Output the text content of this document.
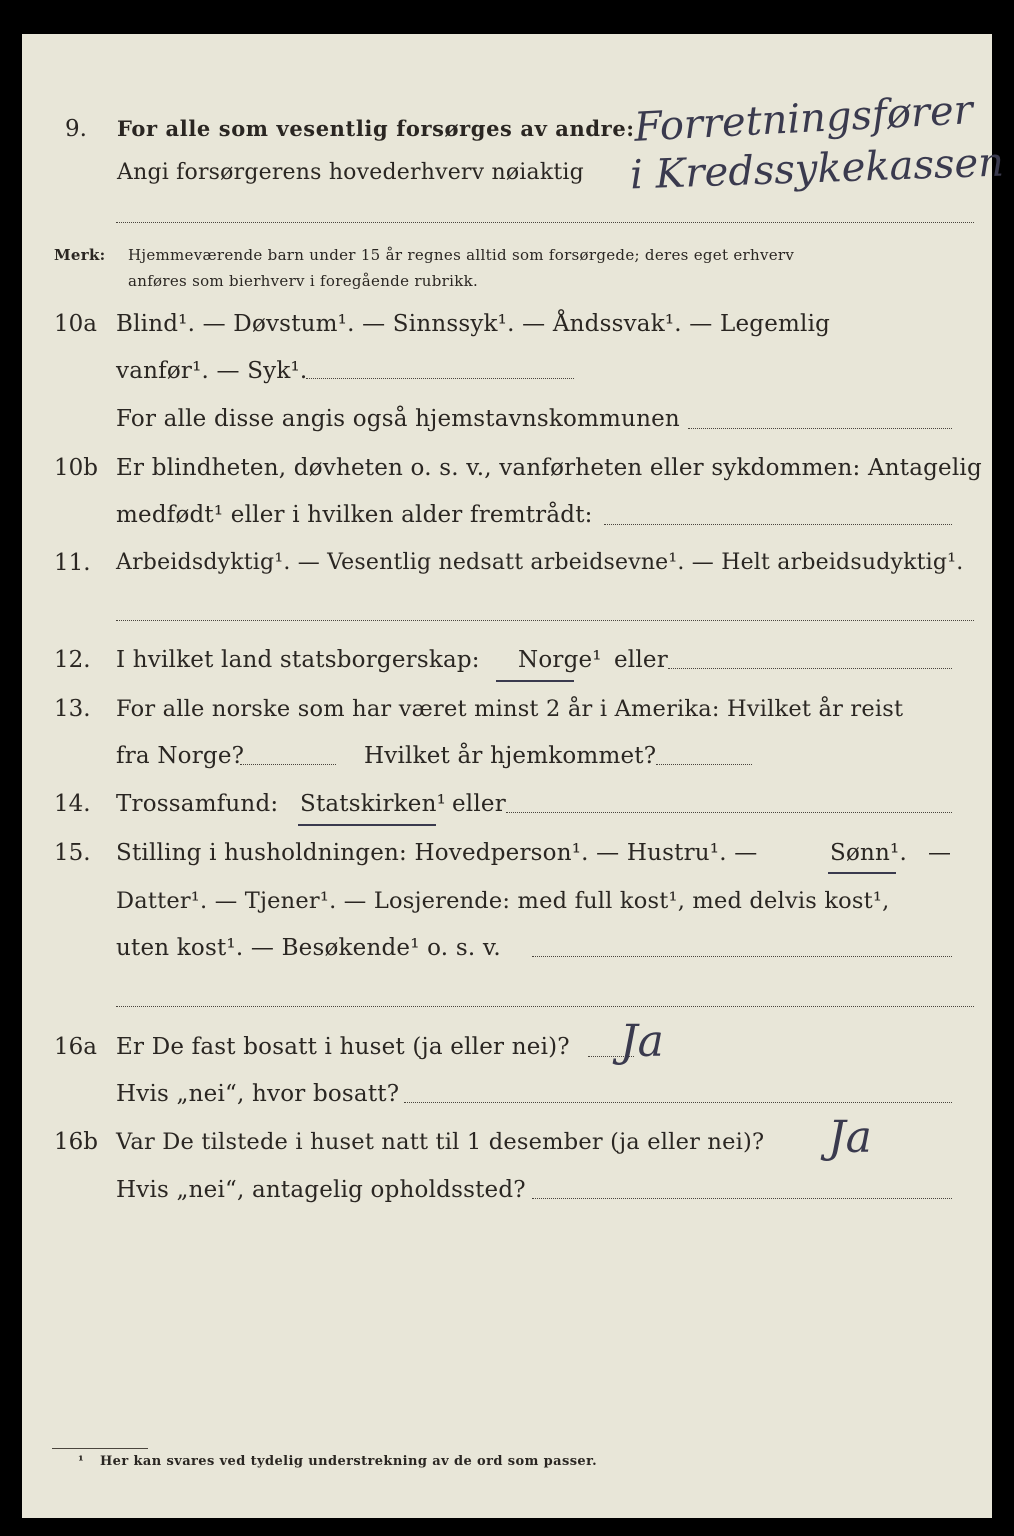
9. For alle som vesentlig forsørges av andre:
Forretningsfører
Angi forsørgerens hovederhverv nøiaktig i Kredssykekassen
Merk: Hjemmeværende barn under 15 år regnes alltid som forsørgede; deres eget erhverv
anføres som bierhverv i foregående rubrikk.
10a Blind¹. — Døvstum¹. — Sinnssyk¹. — Åndssvak¹. — Legemlig
vanfør¹. — Syk¹.
For alle disse angis også hjemstavnskommunen
10b Er blindheten, døvheten o. s. v., vanførheten eller sykdommen: Antagelig
medfødt¹ eller i hvilken alder fremtrådt:
11. Arbeidsdyktig¹. — Vesentlig nedsatt arbeidsevne¹. — Helt arbeidsudyktig¹.
12. I hvilket land statsborgerskap: Norge¹ eller
13. For alle norske som har været minst 2 år i Amerika: Hvilket år reist
fra Norge?	Hvilket år hjemkommet?
14. Trossamfund: Statskirken¹ eller
15. Stilling i husholdningen: Hovedperson¹. — Hustru¹. —	Sønn¹. —
Datter¹. — Tjener¹. — Losjerende: med full kost¹, med delvis kost¹,
uten kost¹. — Besøkende¹ o. s. v.
16a Er De fast bosatt i huset (ja eller nei)? Ja
Hvis „nei“, hvor bosatt?
16b Var De tilstede i huset natt til 1 desember (ja eller nei)? Ja
Hvis „nei“, antagelig opholdssted?
¹ Her kan svares ved tydelig understrekning av de ord som passer.
